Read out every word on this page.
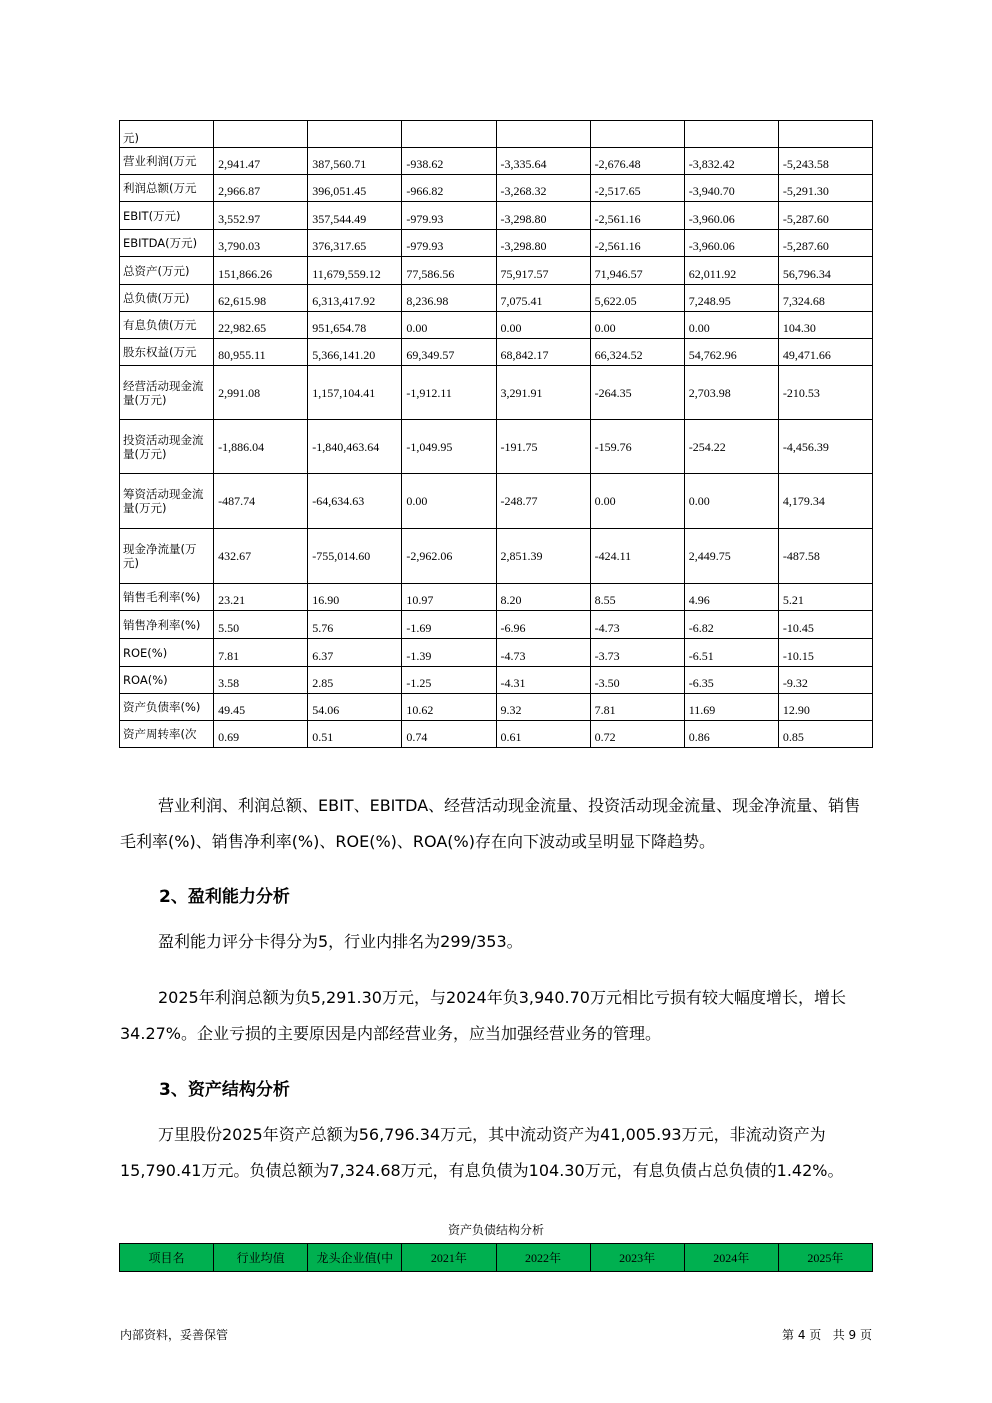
元)							
营业利润(万元	2,941.47	387,560.71	-938.62	-3,335.64	-2,676.48	-3,832.42	-5,243.58
利润总额(万元	2,966.87	396,051.45	-966.82	-3,268.32	-2,517.65	-3,940.70	-5,291.30
EBIT(万元)	3,552.97	357,544.49	-979.93	-3,298.80	-2,561.16	-3,960.06	-5,287.60
EBITDA(万元)	3,790.03	376,317.65	-979.93	-3,298.80	-2,561.16	-3,960.06	-5,287.60
总资产(万元)	151,866.26	11,679,559.12	77,586.56	75,917.57	71,946.57	62,011.92	56,796.34
总负债(万元)	62,615.98	6,313,417.92	8,236.98	7,075.41	5,622.05	7,248.95	7,324.68
有息负债(万元	22,982.65	951,654.78	0.00	0.00	0.00	0.00	104.30
股东权益(万元	80,955.11	5,366,141.20	69,349.57	68,842.17	66,324.52	54,762.96	49,471.66
经营活动现金流量(万元)	2,991.08	1,157,104.41	-1,912.11	3,291.91	-264.35	2,703.98	-210.53
投资活动现金流量(万元)	-1,886.04	-1,840,463.64	-1,049.95	-191.75	-159.76	-254.22	-4,456.39
筹资活动现金流量(万元)	-487.74	-64,634.63	0.00	-248.77	0.00	0.00	4,179.34
现金净流量(万元)	432.67	-755,014.60	-2,962.06	2,851.39	-424.11	2,449.75	-487.58
销售毛利率(%)	23.21	16.90	10.97	8.20	8.55	4.96	5.21
销售净利率(%)	5.50	5.76	-1.69	-6.96	-4.73	-6.82	-10.45
ROE(%)	7.81	6.37	-1.39	-4.73	-3.73	-6.51	-10.15
ROA(%)	3.58	2.85	-1.25	-4.31	-3.50	-6.35	-9.32
资产负债率(%)	49.45	54.06	10.62	9.32	7.81	11.69	12.90
资产周转率(次	0.69	0.51	0.74	0.61	0.72	0.86	0.85
营业利润、利润总额、EBIT、EBITDA、经营活动现金流量、投资活动现金流量、现金净流量、销售毛利率(%)、销售净利率(%)、ROE(%)、ROA(%)存在向下波动或呈明显下降趋势。
2、盈利能力分析
盈利能力评分卡得分为5，行业内排名为299/353。
2025年利润总额为负5,291.30万元，与2024年负3,940.70万元相比亏损有较大幅度增长，增长34.27%。企业亏损的主要原因是内部经营业务，应当加强经营业务的管理。
3、资产结构分析
万里股份2025年资产总额为56,796.34万元，其中流动资产为41,005.93万元，非流动资产为15,790.41万元。负债总额为7,324.68万元，有息负债为104.30万元，有息负债占总负债的1.42%。
资产负债结构分析
项目名	行业均值	龙头企业值(中	2021年	2022年	2023年	2024年	2025年
内部资料，妥善保管	第 4 页   共 9 页
